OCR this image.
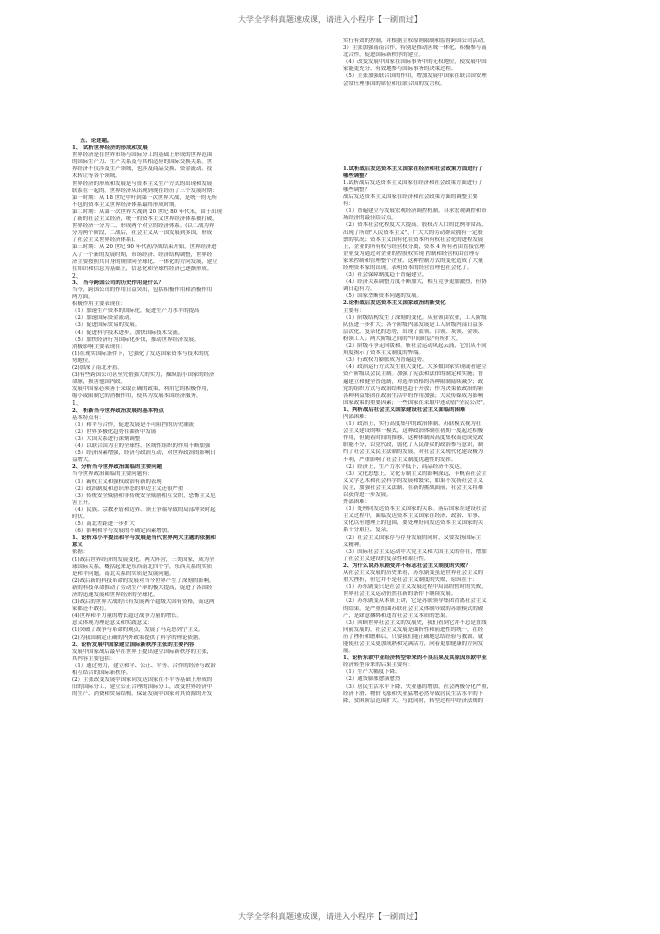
大学全学科真题速成课，请进入小程序【一刷而过】

五、论述题。

1、 试析世界经济的形成和发展

世界经济是在世界市场与国际分工的基础上形成的世界范围

的国际生产力、生产关系及与其相适应的国际交换关系。世

界经济不仅涉及生产领域，也涉及商品交换、资金流动、技

术转让等各个领域。

世界经济的形成和发展是与资本主义生产方式的出现和发展

联系在一起的。世界经济从出现到现在经历了三个发展时期：

第一时期：从 18 世纪中叶到第一次世界大战，是统一的无所

不包的资本主义世界经济体系最终形成时期。

第二时期：从第一次世界大战到 20 世纪 80 年代末，由于出现

了新的社会主义经济，统一的资本主义世界经济体系被打破，

世界经济一分为二，形成两个对立的经济体系。(以二战为界

分为两个阶段，二战后，社会主义从一国发展到多国，形成

了社会主义世界经济体系)。

第三时期：从 20 世纪 90 年代初冷战结束开始，世界经济进

入了一个新的发展时期，市场经济、经济结构调整，世界经

济主要按照共自身的规律向全球化、一体化的方向发展，建立

在知识和信息为基础上，信息化和全球性经济已逐渐形成。

2、

3、 当今跨国公司的历史作用是什么？

当今，跨国公司的作用日益突出，包括积极作用和消极作用

两方面。

积极作用主要表现在：

（1）加速生产资本的国际化，促进生产力水平的提高

（2）加速国际资金流动。

（3）促进国际贸易的发展。

（4）促进科学技术进步，加快国际技术交流。

（5）加快经济行为国际化步伐，推动世界经济发展。

消极影响主要表现在：

(1)在现实国际条件下，它强化了发达国家资本与技术的优

势地位。

(2)加深了南北矛盾。

(3)有些跨国公司甚至凭借强大的实力，操纵弱小国家的经济

命脉，损害他国内政。

发展中国家必须善于采取正确的政策，利用它的积极作用，

缩小或限制它的消极作用，使其为发展本国经济服务。

1、

2、 析新当今世界政治发展的基本特点

基本特点有：

（1）和平与合作，促进发展是不可阻挡的历史潮流

（2）世界多极化趋势在曲折中发展

（3）大国关系进行深刻调整

（4）以联合国为主的全球性、区域性组织的作用不断加强

（5）经济因素增强，经济与政治互动，对世界政治的影响日

益增大。

2、分析当今世界政治面临的主要问题

当今世界政治面临的主要问题有：

（1）霸权主义和强权政治有新的表现

（2）政治制度和意识形态的单边主义还很严重

（3）传统安全威胁和非传统安全威胁相互交织，恐怖主义危

害上升。

（4）民族、宗教矛盾和边界、领土争端导致的局部冲突时起

时伏。

（5）南北差距进一步扩大

（6）影响和平与发展的不确定因素增加。

1、论析邓小平提出和平与发展是当代世界两大主题的依据和

意义

依据：

(1)战后世界经济的发展变化。两大阵营，三类国家，成为全

球国际关系，概括起来是东西南北四个字，东西关系的实质

是和平问题，南北关系的实质是发展问题。

(2)战后新的科技革命的发展对当今世界产生了深刻的影响。

新的科技革命推动了劳动生产率的极大提高，促进了各国经

济的迅速发展和世界经济的全球化。

(3)战后的世界大战的只有发展两个超级大国有资格，而这两

家都还不敢打。

(4)世界和平力量的增长超过战争力量的增长。

意义体现为理论意义和实践意义：

(1)突破了战争与革命的观点，发展了马克思列宁主义。

(2)为我国制定正确的内外政策提供了科学的理论依据。

2、论析发展中国家建立国际新秩序主张的主要内容

发展中国家战后最早在世界上提出建立国际新秩序的主张，

其内容主要包括：

（1）通过努力，建立和平、公正、平等、合作的经济与政治

相互结合的国际新秩序。

(2）主张改变发展中国家同发达国家在不平等基础上形成的

旧的国际分工，建立公正合理的国际分工，改变世界经济中

的生产、消费和贸易结构。保证发展中国家对其资源的开发

实行有效的控制，并根据主权原则限制和监督跨国公司活动。

3）主张加强南南合作，特别是推动区域一体化，积极参与南

北合作，促进国际新秩序的建立。

（4）改变发展中国家在国际事务中的无权地位，使发展中国

家能更充分、有效地参与国际事务的决策过程。

（5）主张加强联合国的作用，增加发展中国家在联合国安理

会常任理事国的席位和在联合国的发言权。

1.试析战后发达资本主义国家在经济和社会政策方面进行了

哪些调整？

1.试析战后发达资本主义国家在经济和社会政策方面进行了

哪些调整？

战后发达资本主义国家在经济和社会政策方面的调整主要

有：

（1）普遍建立与发展宏观经济调控机制，寻求宏观调控和市

场经济的最佳结合点。

（2）资本社会化程度大大提高。股权占人口的比例非常高，

出现了所谓"人民资本主义"，广大大的劳动群众拥有一定股

票的状况；资本主义国有化在资本所有权社会化的进程发展

上，企业的所有权与经营权分离，资本 4 所有者由直接管理

企业变为通过对企业的控股权实现 控制和经营权由管理专

家来控制和管理整个企业。这种控制方式的变化造成了大量

经理资本家的出现，表明资本的经营管理也社会化了。

（3）社会保障制度趋于普遍建立。

（4）经济关系调整力度不断加大，相互竞争更加激烈，但协

调日趋有力。

（5）国家垄断资本问题的发展。

2.论析战后发达资本主义国家政治的新变化

主要有：

（1）阶级结构发生了深刻的变化。从业领由农业，工人阶级

队伍进一步扩大；各个阶级内部发展是工人阶级内部日益多

层次化，复杂化的态势，出现了蓝领、白领、灰领、金领、

粉领工人；两大阶级之间的"中间阶层"有所扩大。

（2）阶级斗争走向缓和。斩社会运动风起云涌，它们从不同

角度揭示了资本主义制度的弊端。

（3）行政权力膨胀成为普遍趋势。

（4）政治运行方式发生很大变化。大多数国家实现或者建立

资产阶级议会民主制。加强了宪法和法律的制定和实施；普

遍建立和健全普选制，对选举资格的各种限制陆续减少；政

党的组织方式与政治结构也趋于开放；作为决策依政治的新

各种利益集团在政治生活中的作用加强；大众传媒成为影响

国家政策的重要因素；一些国家在采取中述动倡"全民公决"。

1、判析战后社会主义国家建设社会主义面临的困难

内部困难：

（1）政治上，实行高度集中的政治体制，苏联模式视为社

会主义建设的唯一模式，这种政治体制在初期一度起过积极

作用，但随着时间的推移，这种体制因高度集权而造成党政

职能不分，以党代政，弱化了人民群众的政治参与意识，制

约了社会主义民主法制的发展，对社会主义现代化建设极为

不利，严重影响了社会主义制度优越性的发挥。

（2）经济上，生产力水平低下，商品经济不发达。

（3）文化思想上，文化专制主义的影响深远，卡帆着社会主

义文学艺术和社会科学的发展和繁荣，如果不发扬社会主义

民主，加强社会主义法制，在新的挑战面前，社会主义将难

以获得进一步发展。

外部困难：

（1）处理同发达资本主义国家的关系。落后国家在建设社会

主义过程中，面临发达资本主义国家在经济、政治、军事、

文化以至地理上的包围，要处理好同发达资本主义国家的关

系十分艰巨，复杂。

（2）社会主义国家存与存身发展的同时，又要发扬国际主

义精神。

（3）国际社会主义运动中大党主义和大国主义的存在，增加

了社会主义建设的复杂性和艰巨性。

2、为什么说苏东剧变并不标志社会主义制度的失败？

从社会主义发展的历史来看，苏东剧变虽是世界社会主义的

重大挫折，但它并不是社会主义制度的失败，原因在于：

（1）苏东剧变只是社会主义发展过程中局部的暂时的失败，

世界社会主义运动仍然在新的条件下继续发展。

（2）苏东剧变从本质上讲，它是苏联领导集团背离社会主义

的结果，是严重扭曲苏联社会主义体制导致的苏联模式的破

产，是肆意捆绑和违背社会主义本质的恶果。

（3）回顾世界社会主义的发展史，我们看到它并不总是直线

向前发展的。社会主义发展是曲折性和前进性的统一。在经

历了挫折和磨难后，只要我们能正确地总结经验与教训，就

能使社会主义更加成熟和完满活力，向着更加健康的方向发

展。

1、论析东欧中亚经济转型带来的不良后果及其原因东欧中亚

经济转型带来的后果主要有：

（1）生产大幅度下降。

（2）通货膨胀愈演愈烈

（3）居民生活水平下降，失业惠的增加，社会两极分化严重，

经济下滑、物价飞涨和失业猛增必然导致居民生活水平的下

降，贫困阶层范围扩大。与此同时，转型过程中经济法规的

大学全学科真题速成课，请进入小程序【一刷而过】
